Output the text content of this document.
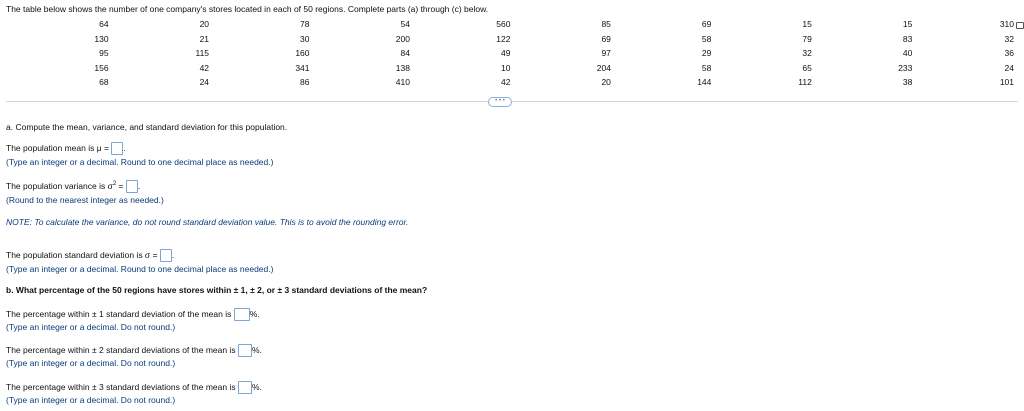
The table below shows the number of one company's stores located in each of 50 regions. Complete parts (a) through (c) below.
64	20	78	54	560	85	69	15	15	310
130	21	30	200	122	69	58	79	83	32
95	115	160	84	49	97	29	32	40	36
156	42	341	138	10	204	58	65	233	24
68	24	86	410	42	20	144	112	38	101
• • •
a. Compute the mean, variance, and standard deviation for this population.
The population mean is μ = .
(Type an integer or a decimal. Round to one decimal place as needed.)
The population variance is $\sigma^2$ = .
(Round to the nearest integer as needed.)
NOTE: To calculate the variance, do not round standard deviation value. This is to avoid the rounding error.
The population standard deviation is σ = .
(Type an integer or a decimal. Round to one decimal place as needed.)
b. What percentage of the 50 regions have stores within ± 1, ± 2, or ± 3 standard deviations of the mean?
The percentage within ± 1 standard deviation of the mean is %.
(Type an integer or a decimal. Do not round.)
The percentage within ± 2 standard deviations of the mean is %.
(Type an integer or a decimal. Do not round.)
The percentage within ± 3 standard deviations of the mean is %.
(Type an integer or a decimal. Do not round.)
